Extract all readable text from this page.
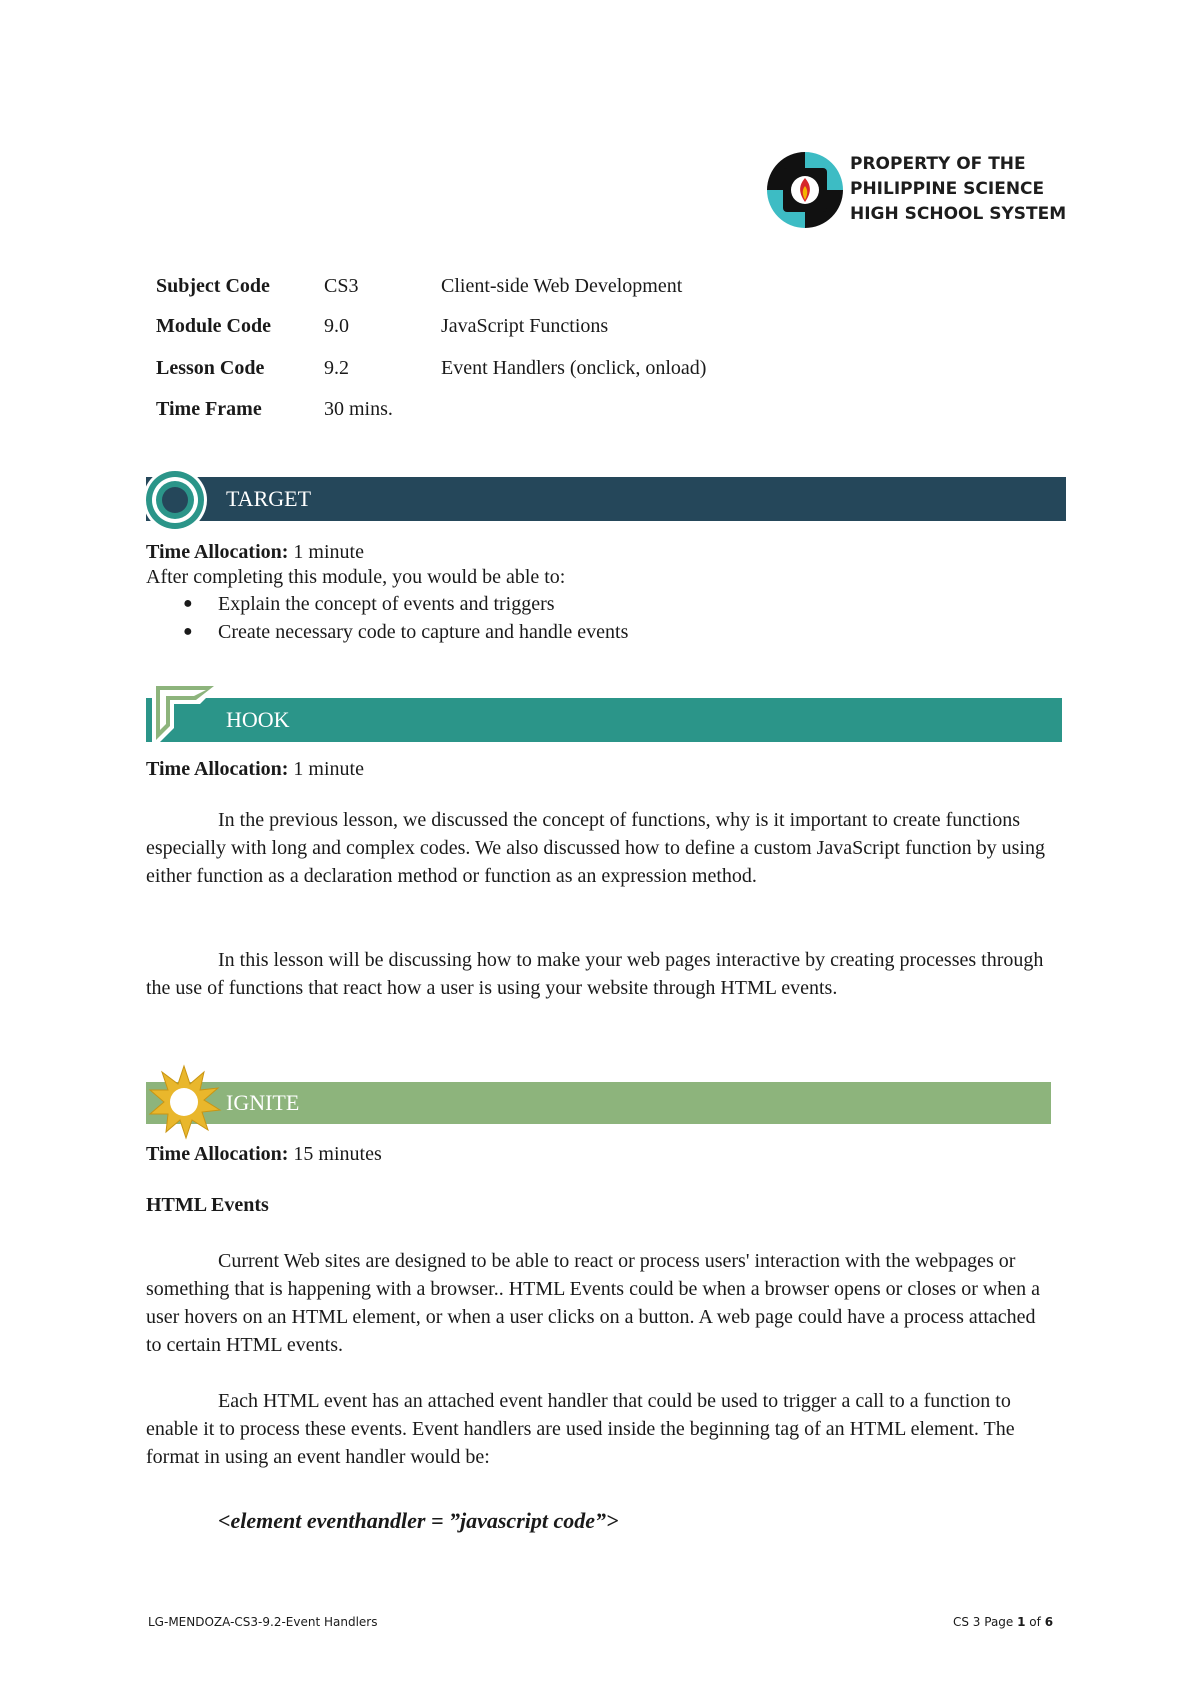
PROPERTY OF THE
PHILIPPINE SCIENCE
HIGH SCHOOL SYSTEM
Subject Code	CS3	Client-side Web Development
Module Code	9.0	JavaScript Functions
Lesson Code	9.2	Event Handlers (onclick, onload)
Time Frame	30 mins.
TARGET
Time Allocation: 1 minute
After completing this module, you would be able to:
● Explain the concept of events and triggers
● Create necessary code to capture and handle events
HOOK
Time Allocation: 1 minute
In the previous lesson, we discussed the concept of functions, why is it important to create functions especially with long and complex codes. We also discussed how to define a custom JavaScript function by using either function as a declaration method or function as an expression method.
In this lesson will be discussing how to make your web pages interactive by creating processes through the use of functions that react how a user is using your website through HTML events.
IGNITE
Time Allocation: 15 minutes
HTML Events
Current Web sites are designed to be able to react or process users' interaction with the webpages or something that is happening with a browser.. HTML Events could be when a browser opens or closes or when a user hovers on an HTML element, or when a user clicks on a button. A web page could have a process attached to certain HTML events.
Each HTML event has an attached event handler that could be used to trigger a call to a function to enable it to process these events. Event handlers are used inside the beginning tag of an HTML element. The format in using an event handler would be:
<element eventhandler = ”javascript code”>
LG-MENDOZA-CS3-9.2-Event Handlers	CS 3 Page 1 of 6
